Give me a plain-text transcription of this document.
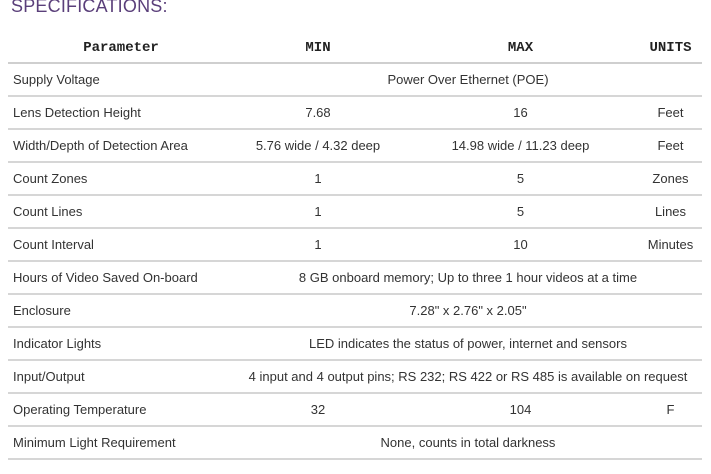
SPECIFICATIONS:
Parameter	MIN	MAX	UNITS
Supply Voltage	Power Over Ethernet (POE)		
Lens Detection Height	7.68	16	Feet
Width/Depth of Detection Area	5.76 wide / 4.32 deep	14.98 wide / 11.23 deep	Feet
Count Zones	1	5	Zones
Count Lines	1	5	Lines
Count Interval	1	10	Minutes
Hours of Video Saved On-board	8 GB onboard memory; Up to three 1 hour videos at a time		
Enclosure	7.28" x 2.76" x 2.05"		
Indicator Lights	LED indicates the status of power, internet and sensors		
Input/Output	4 input and 4 output pins; RS 232; RS 422 or RS 485 is available on request		
Operating Temperature	32	104	F
Minimum Light Requirement	None, counts in total darkness		
